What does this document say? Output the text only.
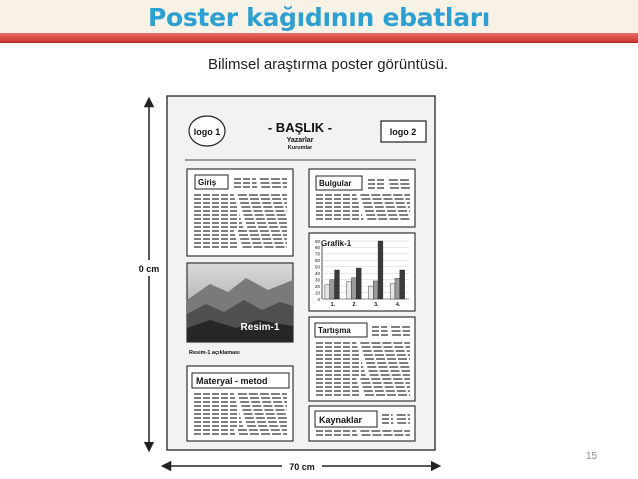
Poster kağıdının ebatları
Bilimsel araştırma poster görüntüsü.
0 cm
70 cm
logo 1	logo 2
- BAŞLIK -
Yazarlar
Kurumlar
Giriş	Bulgular
Grafik-1
0
10
20
30
40
50
60
70
80
90
1.	2.	3.	4.
Resim-1
Resim-1 açıklaması
Tartışma
Materyal - metod
Kaynaklar
15
